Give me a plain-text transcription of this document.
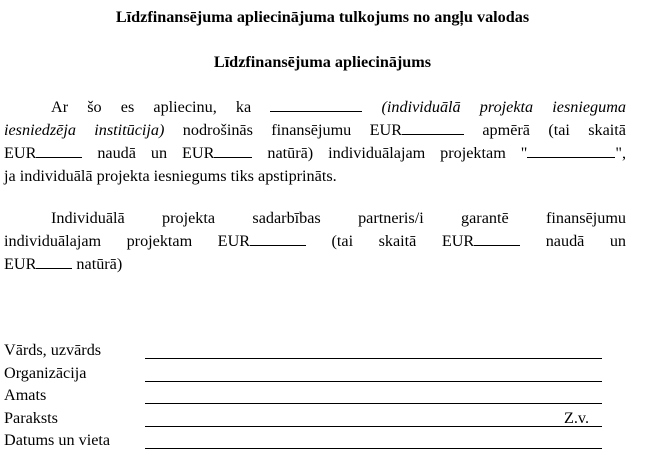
Līdzfinansējuma apliecinājuma tulkojums no angļu valodas
Līdzfinansējuma apliecinājums
Ar šo es apliecinu, ka	(individuālā projekta iesnieguma
iesniedzēja institūcija) nodrošinās finansējumu EUR	apmērā (tai skaitā
EUR	naudā un EUR	natūrā) individuālajam projektam "	",
ja individuālā projekta iesniegums tiks apstiprināts.
Individuālā projekta sadarbības partneris/i garantē finansējumu
individuālajam projektam EUR	(tai skaitā EUR	naudā un
EUR natūrā)
Vārds, uzvārds
Organizācija
Amats
Paraksts	Z.v.
Datums un vieta
